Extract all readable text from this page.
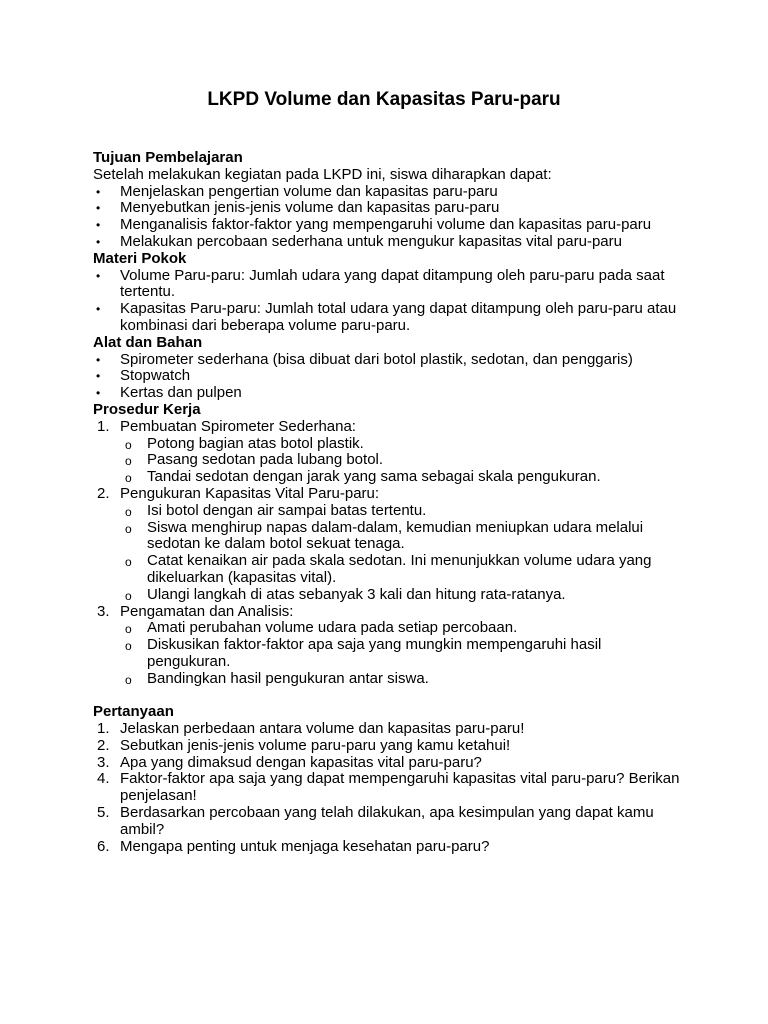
LKPD Volume dan Kapasitas Paru-paru
Tujuan Pembelajaran
Setelah melakukan kegiatan pada LKPD ini, siswa diharapkan dapat:
• Menjelaskan pengertian volume dan kapasitas paru-paru
• Menyebutkan jenis-jenis volume dan kapasitas paru-paru
• Menganalisis faktor-faktor yang mempengaruhi volume dan kapasitas paru-paru
• Melakukan percobaan sederhana untuk mengukur kapasitas vital paru-paru
Materi Pokok
• Volume Paru-paru: Jumlah udara yang dapat ditampung oleh paru-paru pada saat tertentu.
• Kapasitas Paru-paru: Jumlah total udara yang dapat ditampung oleh paru-paru atau kombinasi dari beberapa volume paru-paru.
Alat dan Bahan
• Spirometer sederhana (bisa dibuat dari botol plastik, sedotan, dan penggaris)
• Stopwatch
• Kertas dan pulpen
Prosedur Kerja
1. Pembuatan Spirometer Sederhana:
o Potong bagian atas botol plastik.
o Pasang sedotan pada lubang botol.
o Tandai sedotan dengan jarak yang sama sebagai skala pengukuran.
2. Pengukuran Kapasitas Vital Paru-paru:
o Isi botol dengan air sampai batas tertentu.
o Siswa menghirup napas dalam-dalam, kemudian meniupkan udara melalui sedotan ke dalam botol sekuat tenaga.
o Catat kenaikan air pada skala sedotan. Ini menunjukkan volume udara yang dikeluarkan (kapasitas vital).
o Ulangi langkah di atas sebanyak 3 kali dan hitung rata-ratanya.
3. Pengamatan dan Analisis:
o Amati perubahan volume udara pada setiap percobaan.
o Diskusikan faktor-faktor apa saja yang mungkin mempengaruhi hasil pengukuran.
o Bandingkan hasil pengukuran antar siswa.
Pertanyaan
1. Jelaskan perbedaan antara volume dan kapasitas paru-paru!
2. Sebutkan jenis-jenis volume paru-paru yang kamu ketahui!
3. Apa yang dimaksud dengan kapasitas vital paru-paru?
4. Faktor-faktor apa saja yang dapat mempengaruhi kapasitas vital paru-paru? Berikan penjelasan!
5. Berdasarkan percobaan yang telah dilakukan, apa kesimpulan yang dapat kamu ambil?
6. Mengapa penting untuk menjaga kesehatan paru-paru?
